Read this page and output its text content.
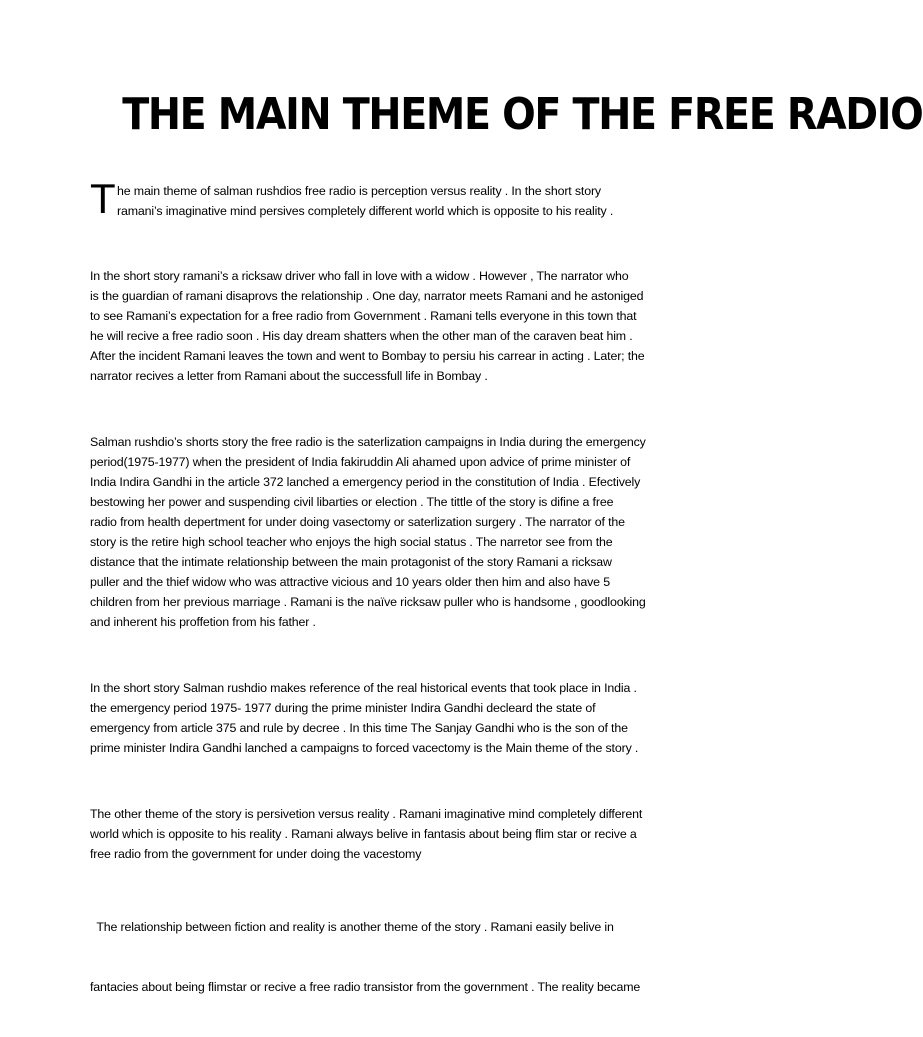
THE MAIN THEME OF THE FREE RADIO
T he main theme of salman rushdios free radio is perception versus reality . In the short story
ramani’s imaginative mind persives completely different world which is opposite to his reality .
In the short story ramani’s a ricksaw driver who fall in love with a widow . However , The narrator who
is the guardian of ramani disaprovs the relationship . One day, narrator meets Ramani and he astoniged
to see Ramani’s expectation for a free radio from Government . Ramani tells everyone in this town that
he will recive a free radio soon . His day dream shatters when the other man of the caraven beat him .
After the incident Ramani leaves the town and went to Bombay to persiu his carrear in acting . Later; the
narrator recives a letter from Ramani about the successfull life in Bombay .
Salman rushdio’s shorts story the free radio is the saterlization campaigns in India during the emergency
period(1975-1977) when the president of India fakiruddin Ali ahamed upon advice of prime minister of
India Indira Gandhi in the article 372 lanched a emergency period in the constitution of India . Efectively
bestowing her power and suspending civil libarties or election . The tittle of the story is difine a free
radio from health depertment for under doing vasectomy or saterlization surgery . The narrator of the
story is the retire high school teacher who enjoys the high social status . The narretor see from the
distance that the intimate relationship between the main protagonist of the story Ramani a ricksaw
puller and the thief widow who was attractive vicious and 10 years older then him and also have 5
children from her previous marriage . Ramani is the naïve ricksaw puller who is handsome , goodlooking
and inherent his proffetion from his father .
In the short story Salman rushdio makes reference of the real historical events that took place in India .
the emergency period 1975- 1977 during the prime minister Indira Gandhi decleard the state of
emergency from article 375 and rule by decree . In this time The Sanjay Gandhi who is the son of the
prime minister Indira Gandhi lanched a campaigns to forced vacectomy is the Main theme of the story .
The other theme of the story is persivetion versus reality . Ramani imaginative mind completely different
world which is opposite to his reality . Ramani always belive in fantasis about being flim star or recive a
free radio from the government for under doing the vacestomy

The relationship between fiction and reality is another theme of the story . Ramani easily belive in

fantacies about being flimstar or recive a free radio transistor from the government . The reality became
